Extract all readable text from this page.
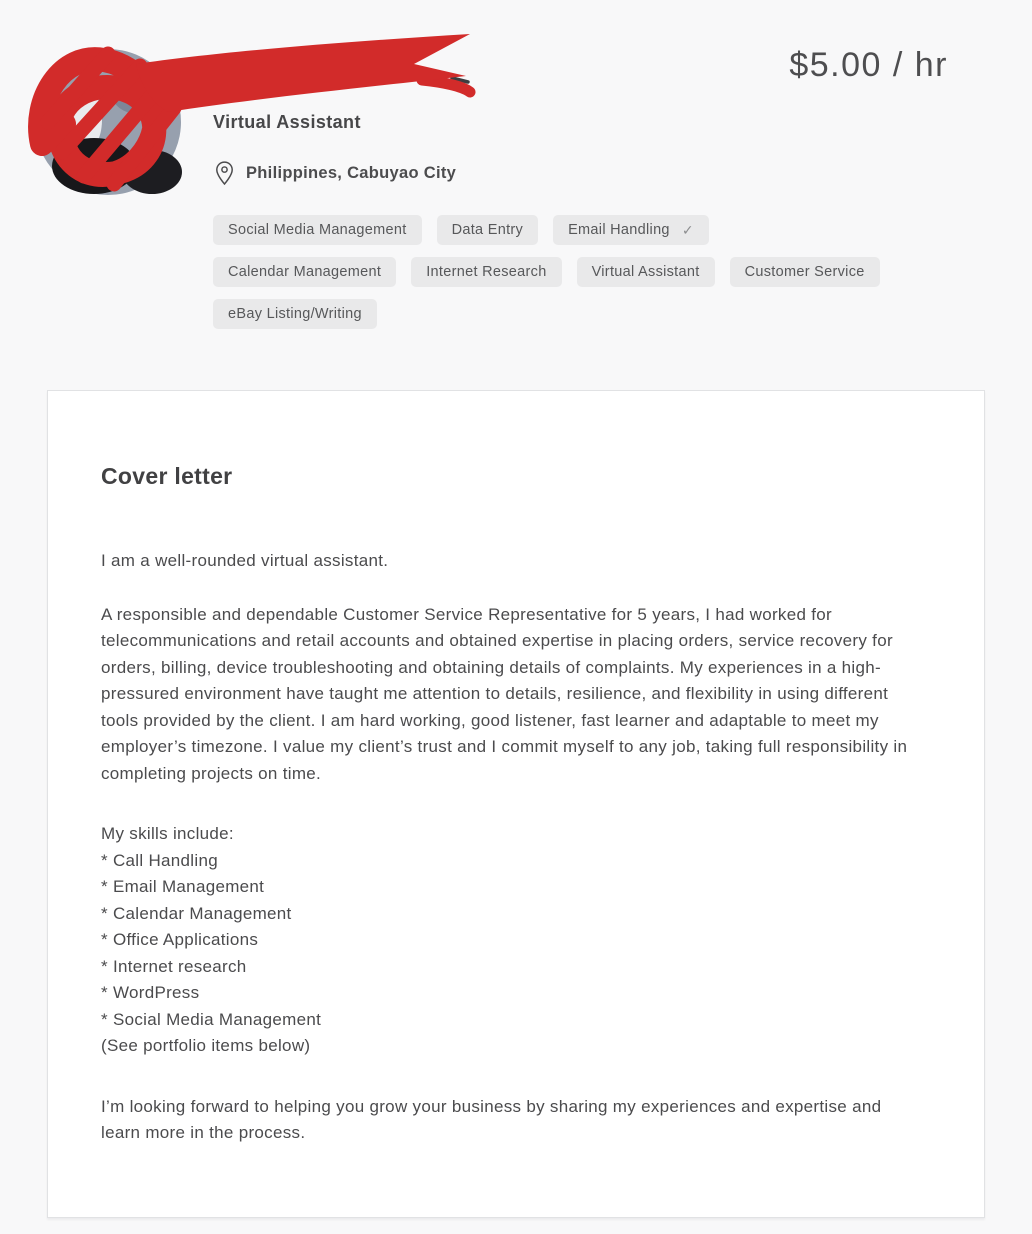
$5.00 / hr
Virtual Assistant
Philippines, Cabuyao City
Social Media Management	Data Entry	Email Handling ✓
Calendar Management	Internet Research	Virtual Assistant	Customer Service
eBay Listing/Writing
Cover letter

I am a well-rounded virtual assistant.

A responsible and dependable Customer Service Representative for 5 years, I had worked for telecommunications and retail accounts and obtained expertise in placing orders, service recovery for orders, billing, device troubleshooting and obtaining details of complaints. My experiences in a high-pressured environment have taught me attention to details, resilience, and flexibility in using different tools provided by the client. I am hard working, good listener, fast learner and adaptable to meet my employer’s timezone. I value my client’s trust and I commit myself to any job, taking full responsibility in completing projects on time.

My skills include:
* Call Handling
* Email Management
* Calendar Management
* Office Applications
* Internet research
* WordPress
* Social Media Management
(See portfolio items below)

I’m looking forward to helping you grow your business by sharing my experiences and expertise and learn more in the process.
